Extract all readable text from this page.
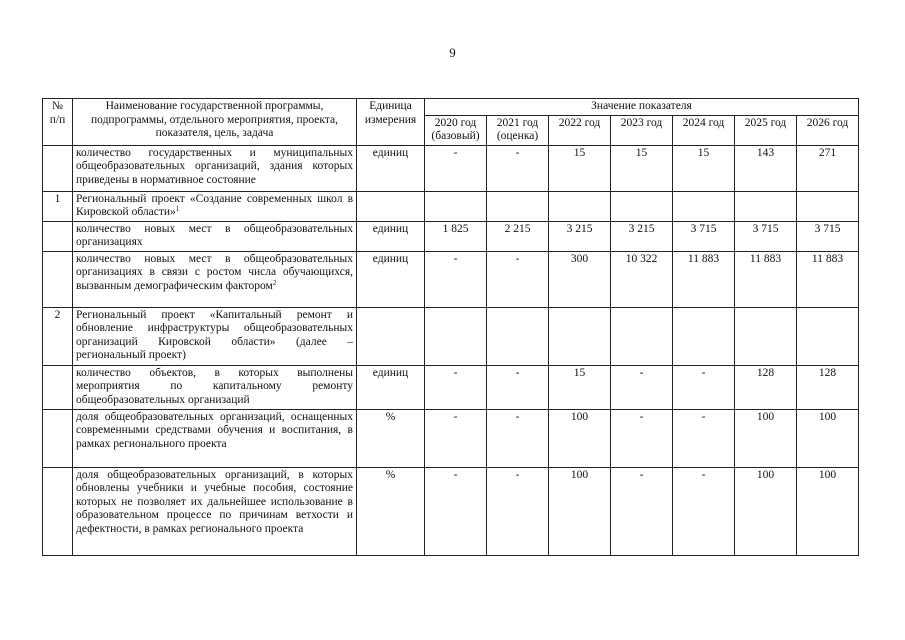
9
№ п/п	Наименование государственной программы, подпрограммы, отдельного мероприятия, проекта, показателя, цель, задача	Единица измерения	Значение показателя						
			2020 год (базовый)	2021 год (оценка)	2022 год	2023 год	2024 год	2025 год	2026 год
	количество государственных и муниципальных общеобразовательных организаций, здания которых приведены в нормативное состояние	единиц	-	-	15	15	15	143	271
1	Региональный проект «Создание современных школ в Кировской области»$^1$								
	количество новых мест в общеобразовательных организациях	единиц	1 825	2 215	3 215	3 215	3 715	3 715	3 715
	количество новых мест в общеобразовательных организациях в связи с ростом числа обучающихся, вызванным демографическим фактором$^2$	единиц	-	-	300	10 322	11 883	11 883	11 883
2	Региональный проект «Капитальный ремонт и обновление инфраструктуры общеобразовательных организаций Кировской области» (далее – региональный проект)								
	количество объектов, в которых выполнены мероприятия по капитальному ремонту общеобразовательных организаций	единиц	-	-	15	-	-	128	128
	доля общеобразовательных организаций, оснащенных современными средствами обучения и воспитания, в рамках регионального проекта	%	-	-	100	-	-	100	100
	доля общеобразовательных организаций, в которых обновлены учебники и учебные пособия, состояние которых не позволяет их дальнейшее использование в образовательном процессе по причинам ветхости и дефектности, в рамках регионального проекта	%	-	-	100	-	-	100	100
